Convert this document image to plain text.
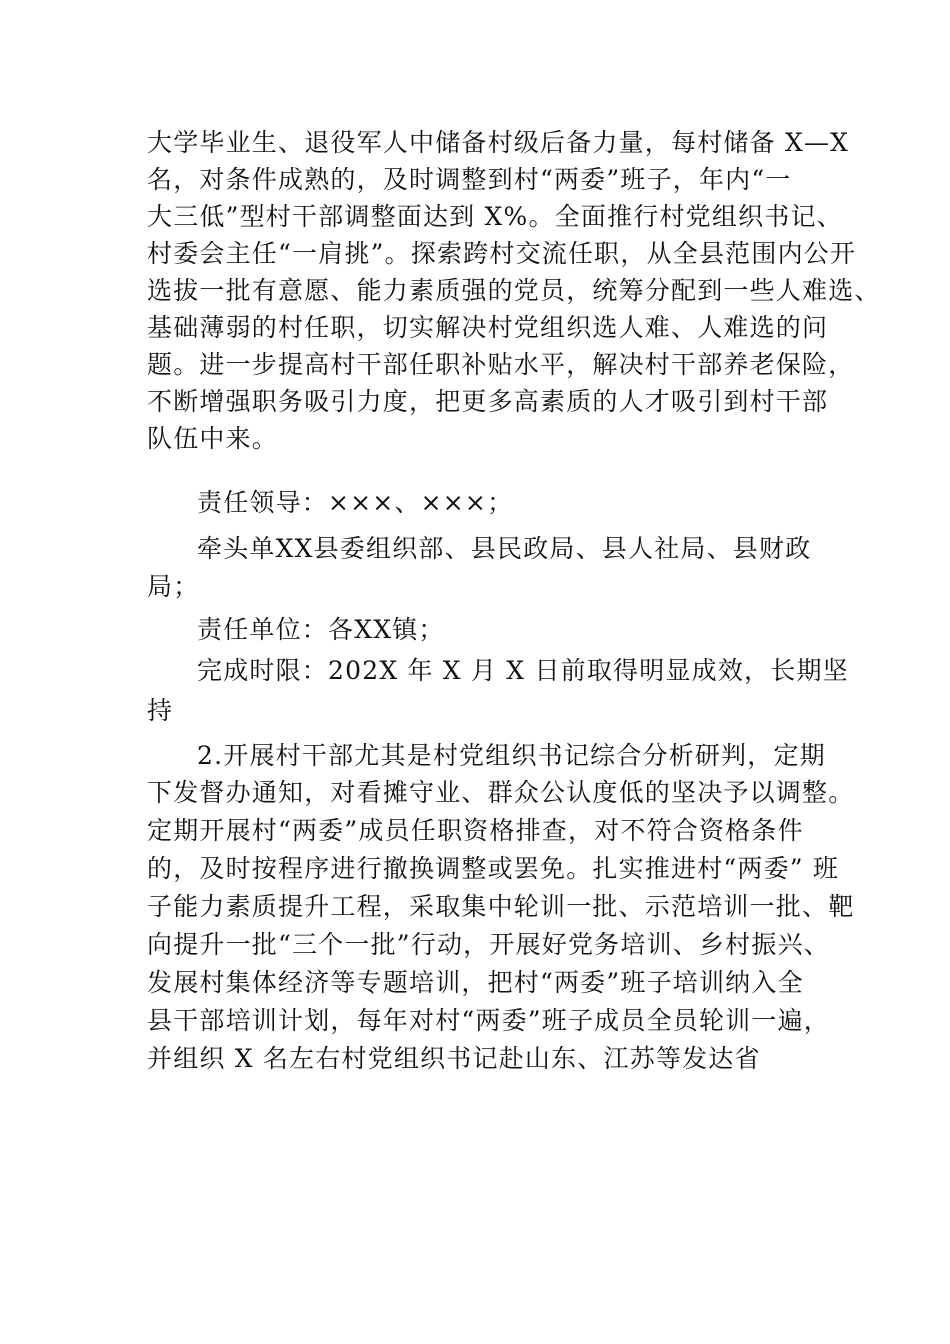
大学毕业生、退役军人中储备村级后备力量，每村储备 X—X
名，对条件成熟的，及时调整到村“两委”班子，年内“一
大三低”型村干部调整面达到 X%。全面推行村党组织书记、
村委会主任“一肩挑”。探索跨村交流任职，从全县范围内公开
选拔一批有意愿、能力素质强的党员，统筹分配到一些人难选、
基础薄弱的村任职，切实解决村党组织选人难、人难选的问
题。进一步提高村干部任职补贴水平，解决村干部养老保险，
不断增强职务吸引力度，把更多高素质的人才吸引到村干部
队伍中来。
责任领导：×××、×××；
牵头单XX县委组织部、县民政局、县人社局、县财政
局；
责任单位：各XX镇；
完成时限：202X 年 X 月 X 日前取得明显成效，长期坚
持
2.开展村干部尤其是村党组织书记综合分析研判，定期
下发督办通知，对看摊守业、群众公认度低的坚决予以调整。
定期开展村“两委”成员任职资格排查，对不符合资格条件
的，及时按程序进行撤换调整或罢免。扎实推进村“两委” 班
子能力素质提升工程，采取集中轮训一批、示范培训一批、靶
向提升一批“三个一批”行动，开展好党务培训、乡村振兴、
发展村集体经济等专题培训，把村“两委”班子培训纳入全
县干部培训计划，每年对村“两委”班子成员全员轮训一遍，
并组织 X 名左右村党组织书记赴山东、江苏等发达省
